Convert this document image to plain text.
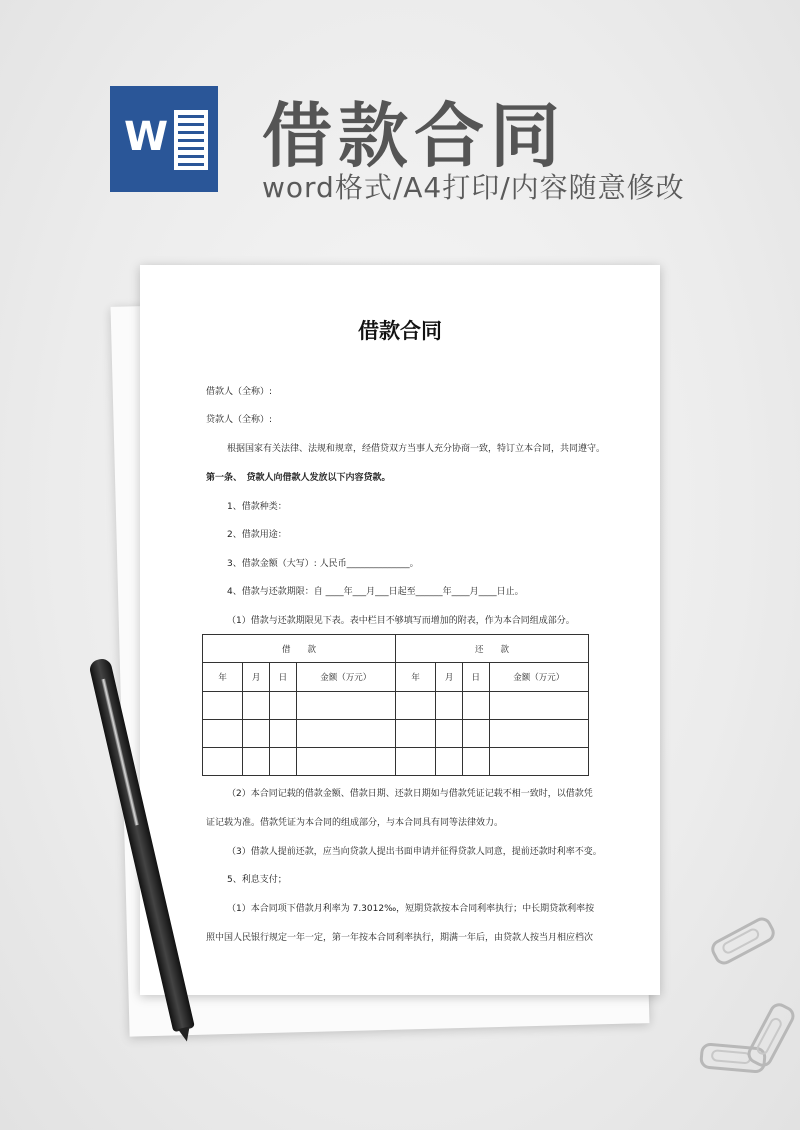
W 借款合同
word格式/A4打印/内容随意修改
借款合同
借款人（全称）:
贷款人（全称）:
根据国家有关法律、法规和规章，经借贷双方当事人充分协商一致，特订立本合同，共同遵守。
第一条、　贷款人向借款人发放以下内容贷款。
1、借款种类：
2、借款用途：
3、借款金额（大写）: 人民币______________。
4、借款与还款期限：自 ____年___月___日起至______年____月____日止。
（1）借款与还款期限见下表。表中栏目不够填写而增加的附表，作为本合同组成部分。
借　　款				还　　款			
年	月	日	金额（万元）	年	月	日	金额（万元）

（2）本合同记载的借款金额、借款日期、还款日期如与借款凭证记载不相一致时，以借款凭
证记载为准。借款凭证为本合同的组成部分，与本合同具有同等法律效力。
（3）借款人提前还款，应当向贷款人提出书面申请并征得贷款人同意，提前还款时利率不变。
5、利息支付；
（1）本合同项下借款月利率为 7.3012‰，短期贷款按本合同利率执行；中长期贷款利率按
照中国人民银行规定一年一定，第一年按本合同利率执行，期满一年后，由贷款人按当月相应档次
